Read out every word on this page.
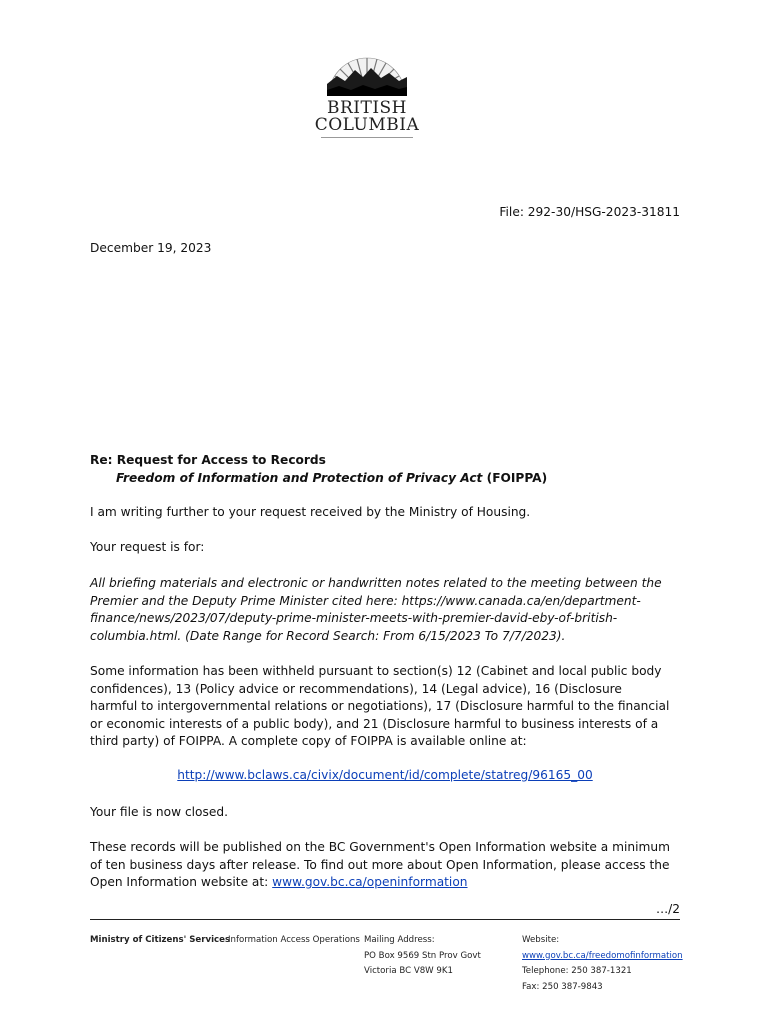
BRITISH
COLUMBIA
File: 292-30/HSG-2023-31811
December 19, 2023
Re: Request for Access to Records
Freedom of Information and Protection of Privacy Act (FOIPPA)
I am writing further to your request received by the Ministry of Housing.
Your request is for:
All briefing materials and electronic or handwritten notes related to the meeting between the Premier and the Deputy Prime Minister cited here: https://www.canada.ca/en/department-finance/news/2023/07/deputy-prime-minister-meets-with-premier-david-eby-of-british-columbia.html. (Date Range for Record Search: From 6/15/2023 To 7/7/2023).
Some information has been withheld pursuant to section(s) 12 (Cabinet and local public body confidences), 13 (Policy advice or recommendations), 14 (Legal advice), 16 (Disclosure harmful to intergovernmental relations or negotiations), 17 (Disclosure harmful to the financial or economic interests of a public body), and 21 (Disclosure harmful to business interests of a third party) of FOIPPA. A complete copy of FOIPPA is available online at:
http://www.bclaws.ca/civix/document/id/complete/statreg/96165_00
Your file is now closed.
These records will be published on the BC Government's Open Information website a minimum of ten business days after release. To find out more about Open Information, please access the Open Information website at: www.gov.bc.ca/openinformation
…/2
Ministry of Citizens' Services
Information Access Operations Mailing Address:
PO Box 9569 Stn Prov Govt
Victoria BC V8W 9K1
Website:
www.gov.bc.ca/freedomofinformation
Telephone: 250 387-1321
Fax: 250 387-9843
